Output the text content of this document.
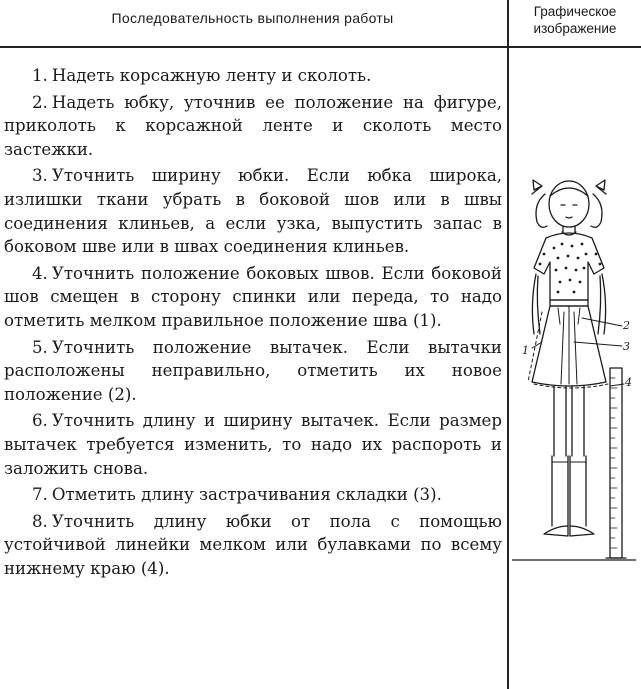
Последовательность выполнения работы	Графическое
изображение

1. Надеть корсажную ленту и сколоть.

2. Надеть юбку, уточнив ее положение на фигуре, приколоть к корсажной ленте и сколоть место застежки.

3. Уточнить ширину юбки. Если юбка широка, излишки ткани убрать в боковой шов или в швы соединения клиньев, а если узка, выпустить запас в боковом шве или в швах соединения клиньев.

4. Уточнить положение боковых швов. Если боковой шов смещен в сторону спинки или переда, то надо отметить мелком правильное положение шва (1).

5. Уточнить положение вытачек. Если вытачки расположены неправильно, отметить их новое положение (2).

6. Уточнить длину и ширину вытачек. Если размер вытачек требуется изменить, то надо их распороть и заложить снова.

7. Отметить длину застрачивания складки (3).

8. Уточнить длину юбки от пола с помощью устойчивой линейки мелком или булавками по всему нижнему краю (4).

1
2
3
4
